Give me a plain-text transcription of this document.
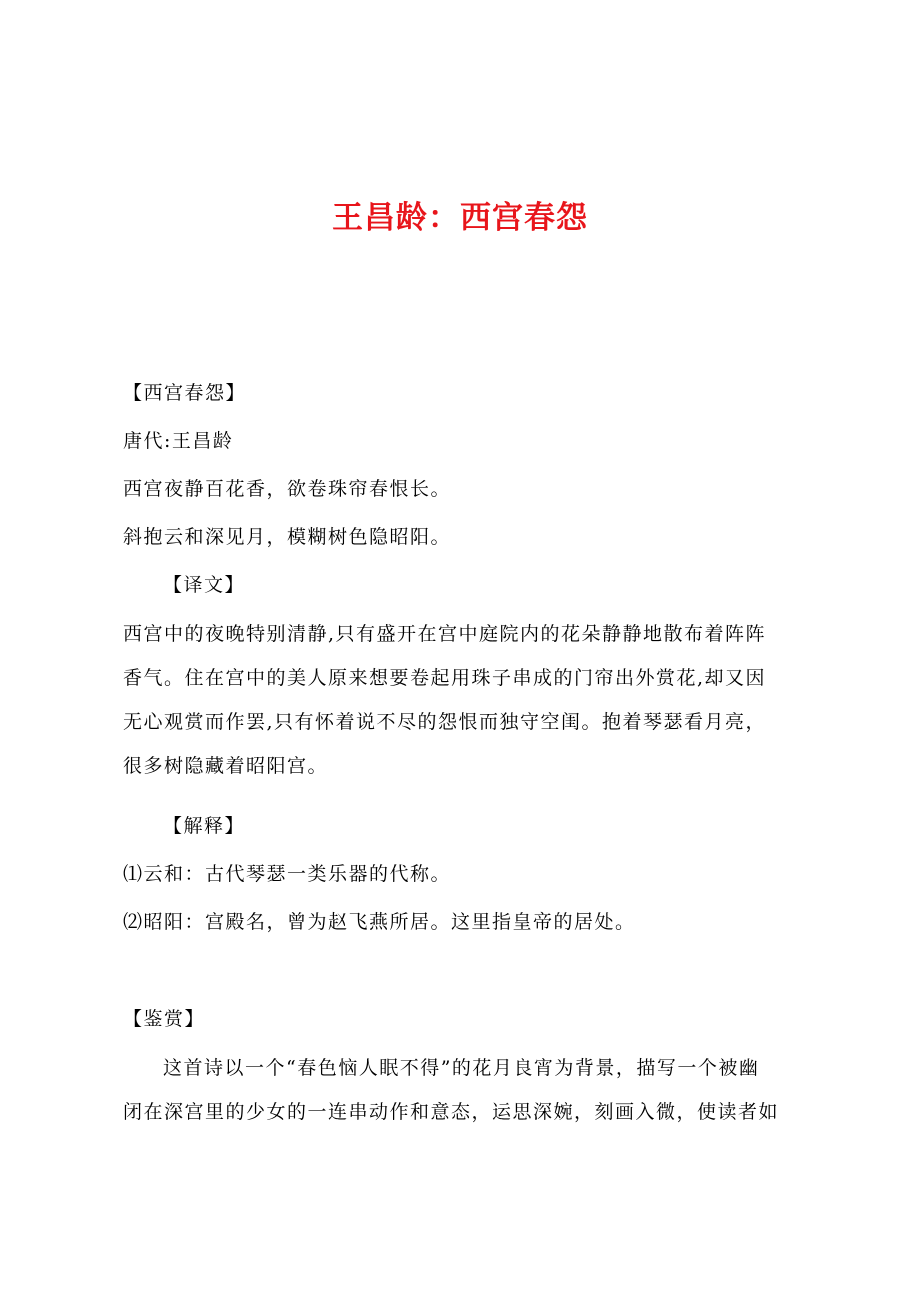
王昌龄：西宫春怨
【西宫春怨】
唐代:王昌龄
西宫夜静百花香，欲卷珠帘春恨长。
斜抱云和深见月，模糊树色隐昭阳。
【译文】
西宫中的夜晚特别清静,只有盛开在宫中庭院内的花朵静静地散布着阵阵
香气。住在宫中的美人原来想要卷起用珠子串成的门帘出外赏花,却又因
无心观赏而作罢,只有怀着说不尽的怨恨而独守空闺。抱着琴瑟看月亮，
很多树隐藏着昭阳宫。
【解释】
⑴云和：古代琴瑟一类乐器的代称。
⑵昭阳：宫殿名，曾为赵飞燕所居。这里指皇帝的居处。
【鉴赏】
这首诗以一个“春色恼人眠不得”的花月良宵为背景，描写一个被幽
闭在深宫里的少女的一连串动作和意态，运思深婉，刻画入微，使读者如
